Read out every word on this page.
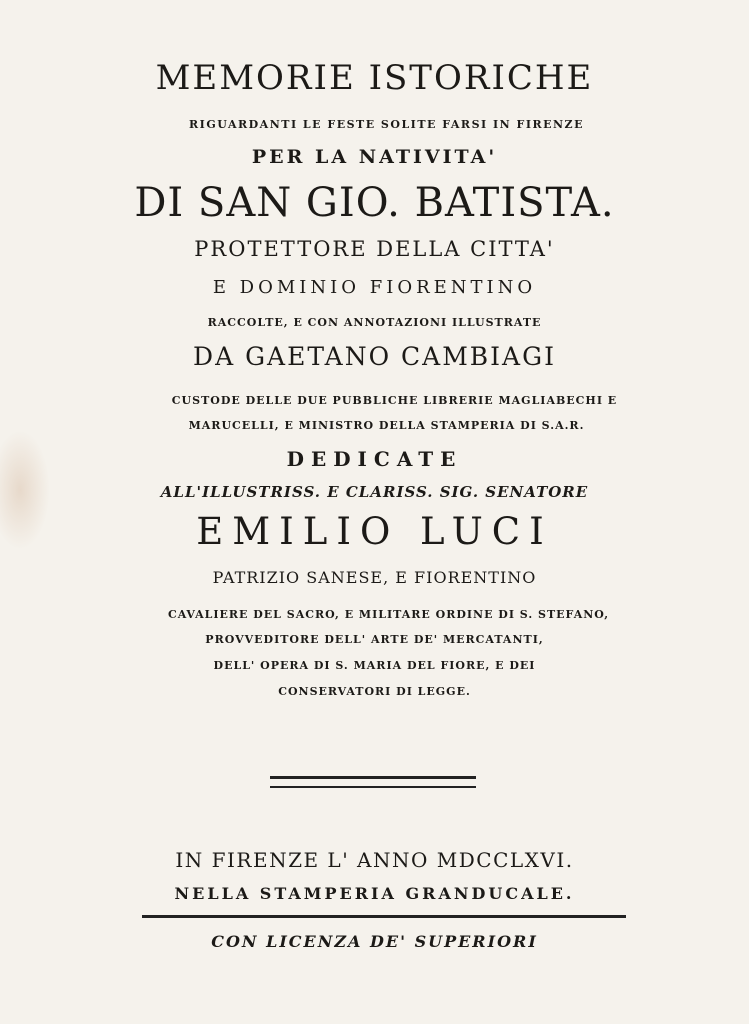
MEMORIE ISTORICHE
RIGUARDANTI LE FESTE SOLITE FARSI IN FIRENZE
PER LA NATIVITA'
DI SAN GIO. BATISTA.
PROTETTORE DELLA CITTA'
E DOMINIO FIORENTINO
RACCOLTE, E CON ANNOTAZIONI ILLUSTRATE
DA GAETANO CAMBIAGI
CUSTODE DELLE DUE PUBBLICHE LIBRERIE MAGLIABECHI E
MARUCELLI, E MINISTRO DELLA STAMPERIA DI S.A.R.
DEDICATE
ALL'ILLUSTRISS. E CLARISS. SIG. SENATORE
EMILIO LUCI
PATRIZIO SANESE, E FIORENTINO
CAVALIERE DEL SACRO, E MILITARE ORDINE DI S. STEFANO,
PROVVEDITORE DELL' ARTE DE' MERCATANTI,
DELL' OPERA DI S. MARIA DEL FIORE, E DEI
CONSERVATORI DI LEGGE.
IN FIRENZE L' ANNO MDCCLXVI.
NELLA STAMPERIA GRANDUCALE.
CON LICENZA DE' SUPERIORI
